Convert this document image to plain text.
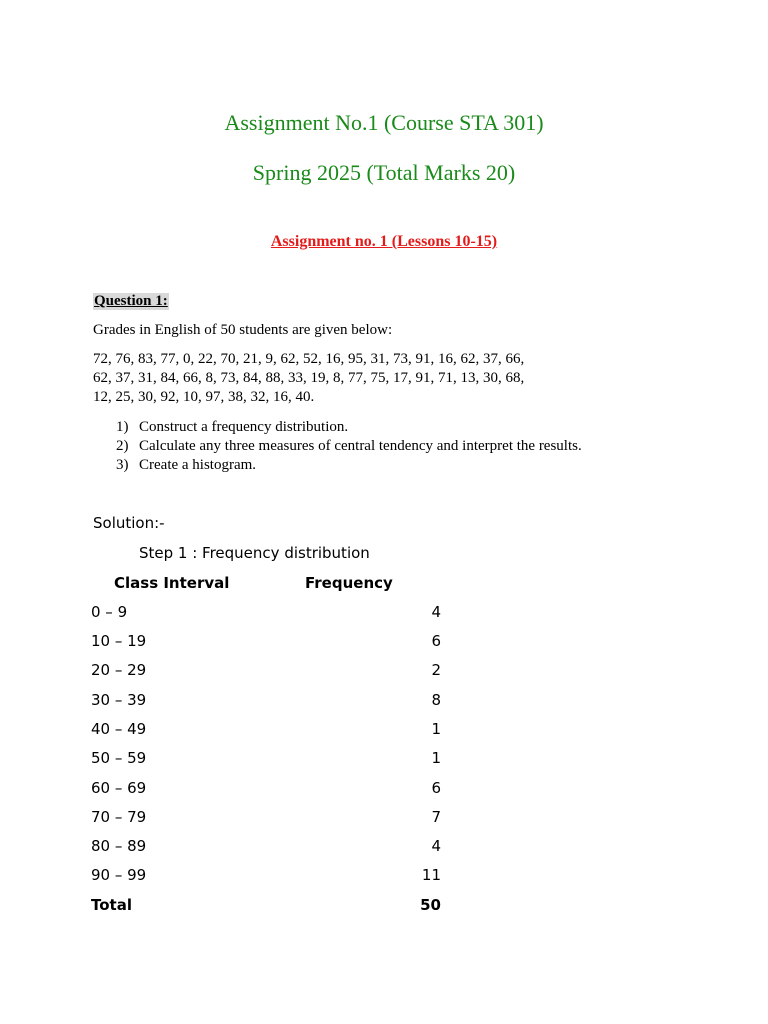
Assignment No.1 (Course STA 301)

Spring 2025 (Total Marks 20)

Assignment no. 1 (Lessons 10-15)

Question 1:

Grades in English of 50 students are given below:

72, 76, 83, 77, 0, 22, 70, 21, 9, 62, 52, 16, 95, 31, 73, 91, 16, 62, 37, 66,

62, 37, 31, 84, 66, 8, 73, 84, 88, 33, 19, 8, 77, 75, 17, 91, 71, 13, 30, 68,

12, 25, 30, 92, 10, 97, 38, 32, 16, 40.

1) Construct a frequency distribution.
2) Calculate any three measures of central tendency and interpret the results.
3) Create a histogram.

Solution:-

Step 1 : Frequency distribution

Class Interval	Frequency

0 – 9	4

10 – 19	6

20 – 29	2

30 – 39	8

40 – 49	1

50 – 59	1

60 – 69	6

70 – 79	7

80 – 89	4

90 – 99	11

Total	50
